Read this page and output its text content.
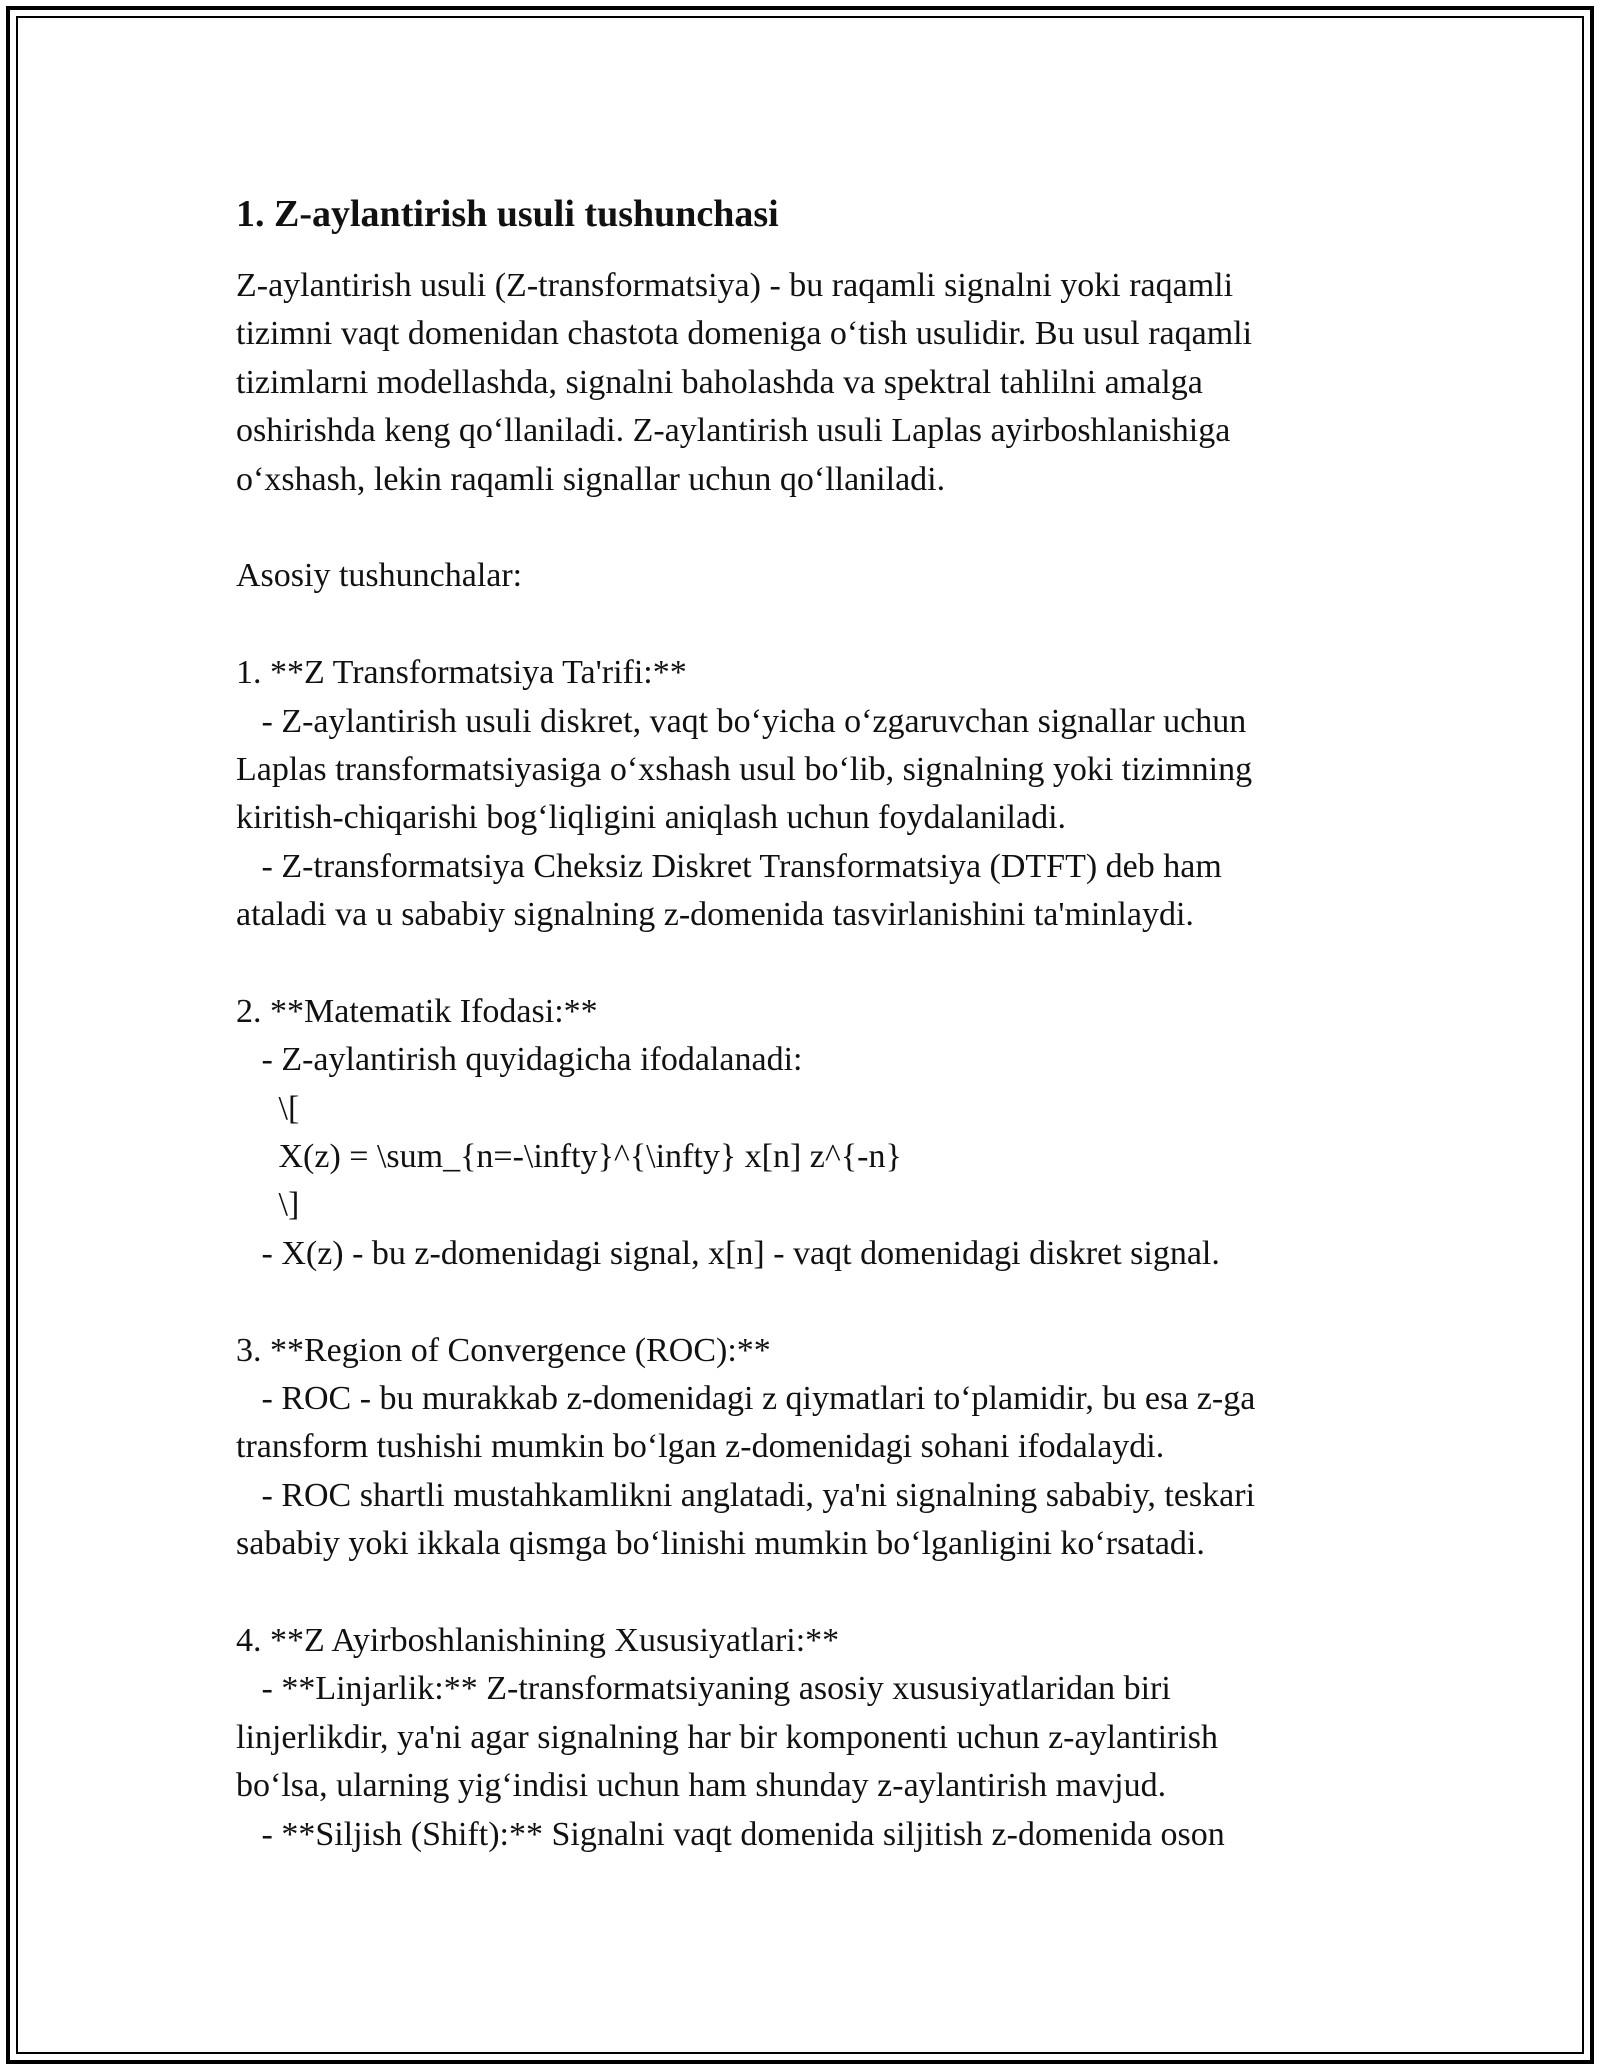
1. Z-aylantirish usuli tushunchasi
Z-aylantirish usuli (Z-transformatsiya) - bu raqamli signalni yoki raqamli
tizimni vaqt domenidan chastota domeniga o‘tish usulidir. Bu usul raqamli
tizimlarni modellashda, signalni baholashda va spektral tahlilni amalga
oshirishda keng qo‘llaniladi. Z-aylantirish usuli Laplas ayirboshlanishiga
o‘xshash, lekin raqamli signallar uchun qo‘llaniladi.
Asosiy tushunchalar:
1. **Z Transformatsiya Ta'rifi:**
- Z-aylantirish usuli diskret, vaqt bo‘yicha o‘zgaruvchan signallar uchun
Laplas transformatsiyasiga o‘xshash usul bo‘lib, signalning yoki tizimning
kiritish-chiqarishi bog‘liqligini aniqlash uchun foydalaniladi.
- Z-transformatsiya Cheksiz Diskret Transformatsiya (DTFT) deb ham
ataladi va u sababiy signalning z-domenida tasvirlanishini ta'minlaydi.
2. **Matematik Ifodasi:**
- Z-aylantirish quyidagicha ifodalanadi:
\[
X(z) = \sum_{n=-\infty}^{\infty} x[n] z^{-n}
\]
- X(z) - bu z-domenidagi signal, x[n] - vaqt domenidagi diskret signal.
3. **Region of Convergence (ROC):**
- ROC - bu murakkab z-domenidagi z qiymatlari to‘plamidir, bu esa z-ga
transform tushishi mumkin bo‘lgan z-domenidagi sohani ifodalaydi.
- ROC shartli mustahkamlikni anglatadi, ya'ni signalning sababiy, teskari
sababiy yoki ikkala qismga bo‘linishi mumkin bo‘lganligini ko‘rsatadi.
4. **Z Ayirboshlanishining Xususiyatlari:**
- **Linjarlik:** Z-transformatsiyaning asosiy xususiyatlaridan biri
linjerlikdir, ya'ni agar signalning har bir komponenti uchun z-aylantirish
bo‘lsa, ularning yig‘indisi uchun ham shunday z-aylantirish mavjud.
- **Siljish (Shift):** Signalni vaqt domenida siljitish z-domenida oson
